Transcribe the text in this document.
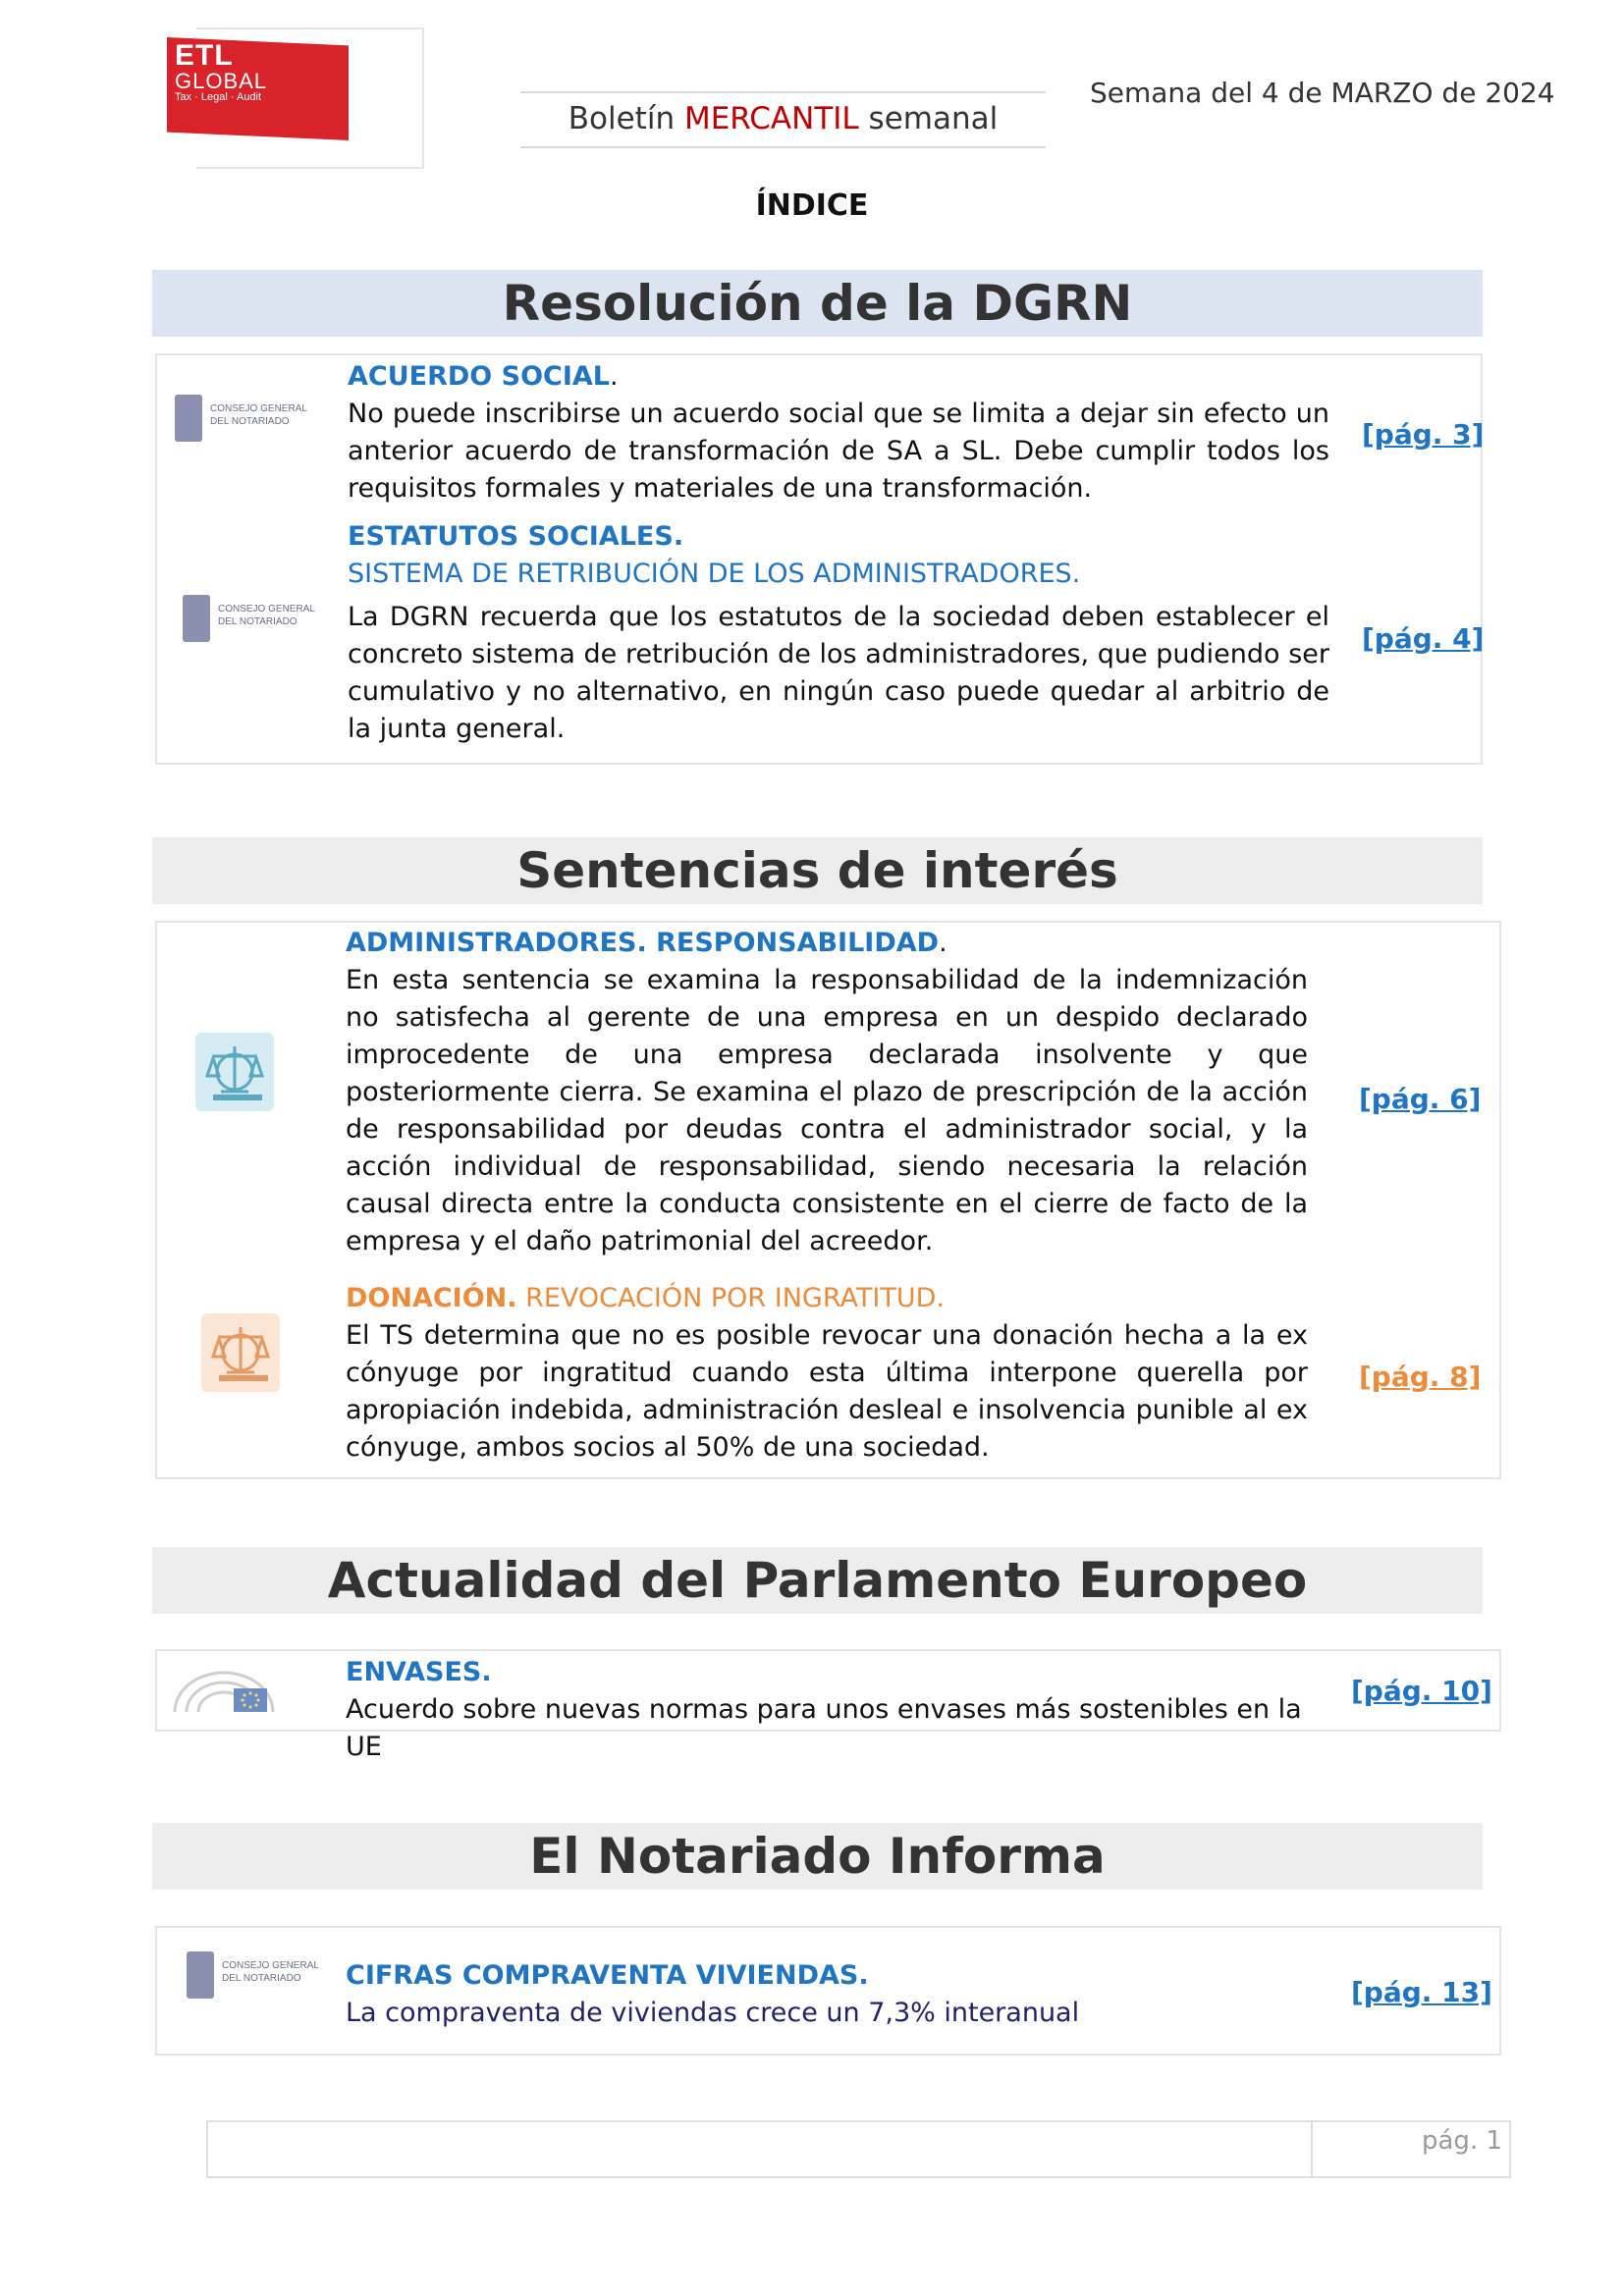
ETL
GLOBAL
Tax · Legal · Audit
Boletín MERCANTIL semanal
Semana del 4 de MARZO de 2024
ÍNDICE
Resolución de la DGRN
CONSEJO GENERAL
DEL NOTARIADO
CONSEJO GENERAL
DEL NOTARIADO
ACUERDO SOCIAL.
No puede inscribirse un acuerdo social que se limita a dejar sin efecto un anterior acuerdo de transformación de SA a SL. Debe cumplir todos los requisitos formales y materiales de una transformación.
[pág. 3]
ESTATUTOS SOCIALES.
SISTEMA DE RETRIBUCIÓN DE LOS ADMINISTRADORES.
La DGRN recuerda que los estatutos de la sociedad deben establecer el concreto sistema de retribución de los administradores, que pudiendo ser cumulativo y no alternativo, en ningún caso puede quedar al arbitrio de la junta general.
[pág. 4]
Sentencias de interés
ADMINISTRADORES. RESPONSABILIDAD.
En esta sentencia se examina la responsabilidad de la indemnización no satisfecha al gerente de una empresa en un despido declarado improcedente de una empresa declarada insolvente y que posteriormente cierra. Se examina el plazo de prescripción de la acción de responsabilidad por deudas contra el administrador social, y la acción individual de responsabilidad, siendo necesaria la relación causal directa entre la conducta consistente en el cierre de facto de la empresa y el daño patrimonial del acreedor.
[pág. 6]
DONACIÓN. REVOCACIÓN POR INGRATITUD.
El TS determina que no es posible revocar una donación hecha a la ex cónyuge por ingratitud cuando esta última interpone querella por apropiación indebida, administración desleal e insolvencia punible al ex cónyuge, ambos socios al 50% de una sociedad.
[pág. 8]
Actualidad del Parlamento Europeo
ENVASES.
Acuerdo sobre nuevas normas para unos envases más sostenibles en la UE
[pág. 10]
El Notariado Informa
CONSEJO GENERAL
DEL NOTARIADO	CIFRAS COMPRAVENTA VIVIENDAS.
La compraventa de viviendas crece un 7,3% interanual
[pág. 13]
pág. 1
